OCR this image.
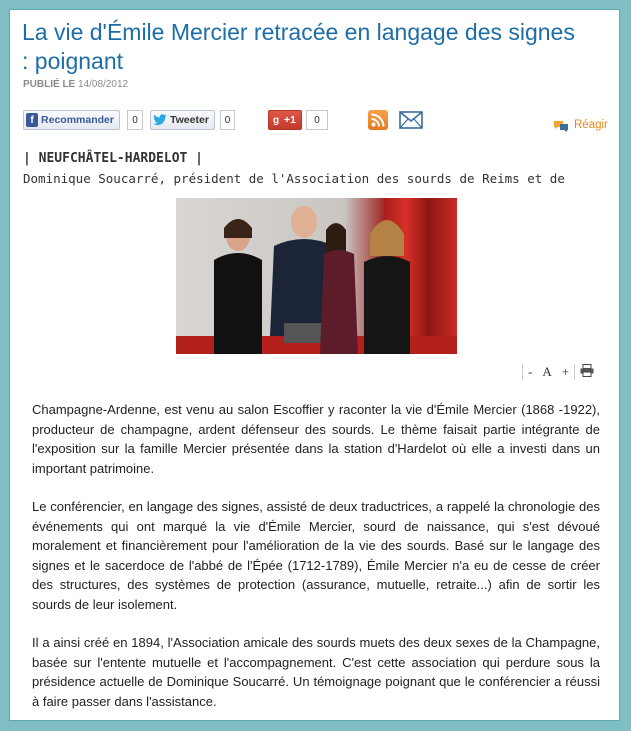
La vie d'Émile Mercier retracée en langage des signes : poignant
PUBLIÉ LE 14/08/2012
f Recommander	0	Tweeter	0	g +1	0	Réagir
| NEUFCHÂTEL-HARDELOT |
Dominique Soucarré, président de l'Association des sourds de Reims et de
- A +

Champagne-Ardenne, est venu au salon Escoffier y raconter la vie d'Émile Mercier (1868 -1922), producteur de champagne, ardent défenseur des sourds. Le thème faisait partie intégrante de l'exposition sur la famille Mercier présentée dans la station d'Hardelot où elle a investi dans un important patrimoine.

Le conférencier, en langage des signes, assisté de deux traductrices, a rappelé la chronologie des événements qui ont marqué la vie d'Émile Mercier, sourd de naissance, qui s'est dévoué moralement et financièrement pour l'amélioration de la vie des sourds. Basé sur le langage des signes et le sacerdoce de l'abbé de l'Épée (1712-1789), Émile Mercier n'a eu de cesse de créer des structures, des systèmes de protection (assurance, mutuelle, retraite...) afin de sortir les sourds de leur isolement.

Il a ainsi créé en 1894, l'Association amicale des sourds muets des deux sexes de la Champagne, basée sur l'entente mutuelle et l'accompagnement. C'est cette association qui perdure sous la présidence actuelle de Dominique Soucarré. Un témoignage poignant que le conférencier a réussi à faire passer dans l'assistance.
